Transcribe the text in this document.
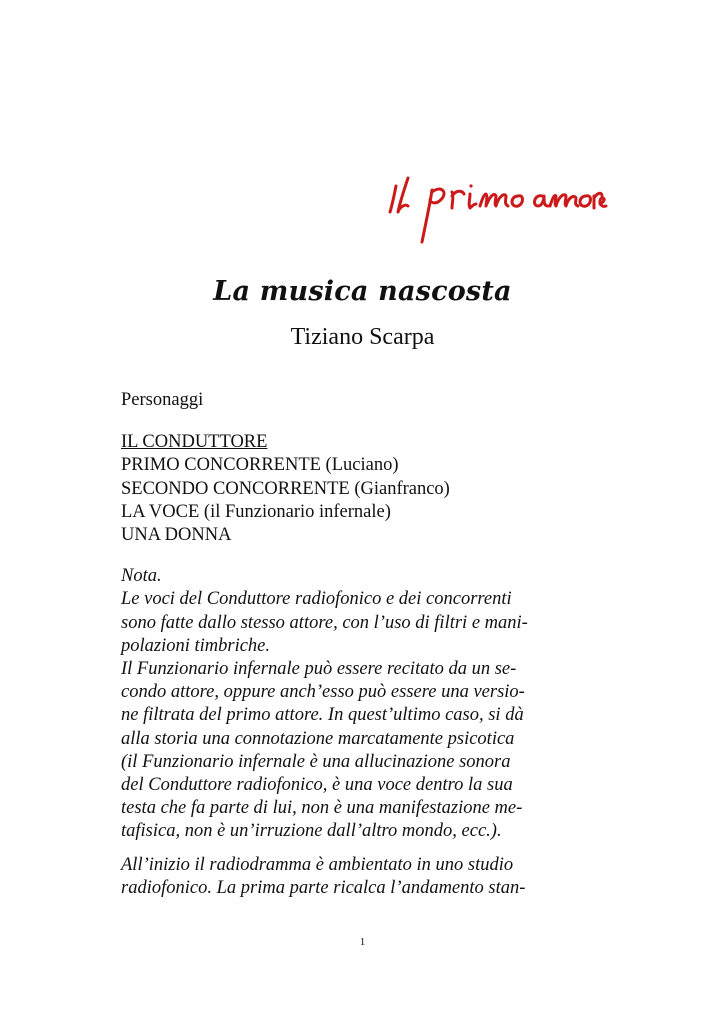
La musica nascosta
Tiziano Scarpa

Personaggi

IL CONDUTTORE
PRIMO CONCORRENTE (Luciano)
SECONDO CONCORRENTE (Gianfranco)
LA VOCE (il Funzionario infernale)
UNA DONNA

Nota.

Le voci del Conduttore radiofonico e dei concorrenti

sono fatte dallo stesso attore, con l’uso di filtri e mani-

polazioni timbriche.

Il Funzionario infernale può essere recitato da un se-

condo attore, oppure anch’esso può essere una versio-

ne filtrata del primo attore. In quest’ultimo caso, si dà

alla storia una connotazione marcatamente psicotica

(il Funzionario infernale è una allucinazione sonora

del Conduttore radiofonico, è una voce dentro la sua

testa che fa parte di lui, non è una manifestazione me-

tafisica, non è un’irruzione dall’altro mondo, ecc.).

All’inizio il radiodramma è ambientato in uno studio

radiofonico. La prima parte ricalca l’andamento stan-

1
